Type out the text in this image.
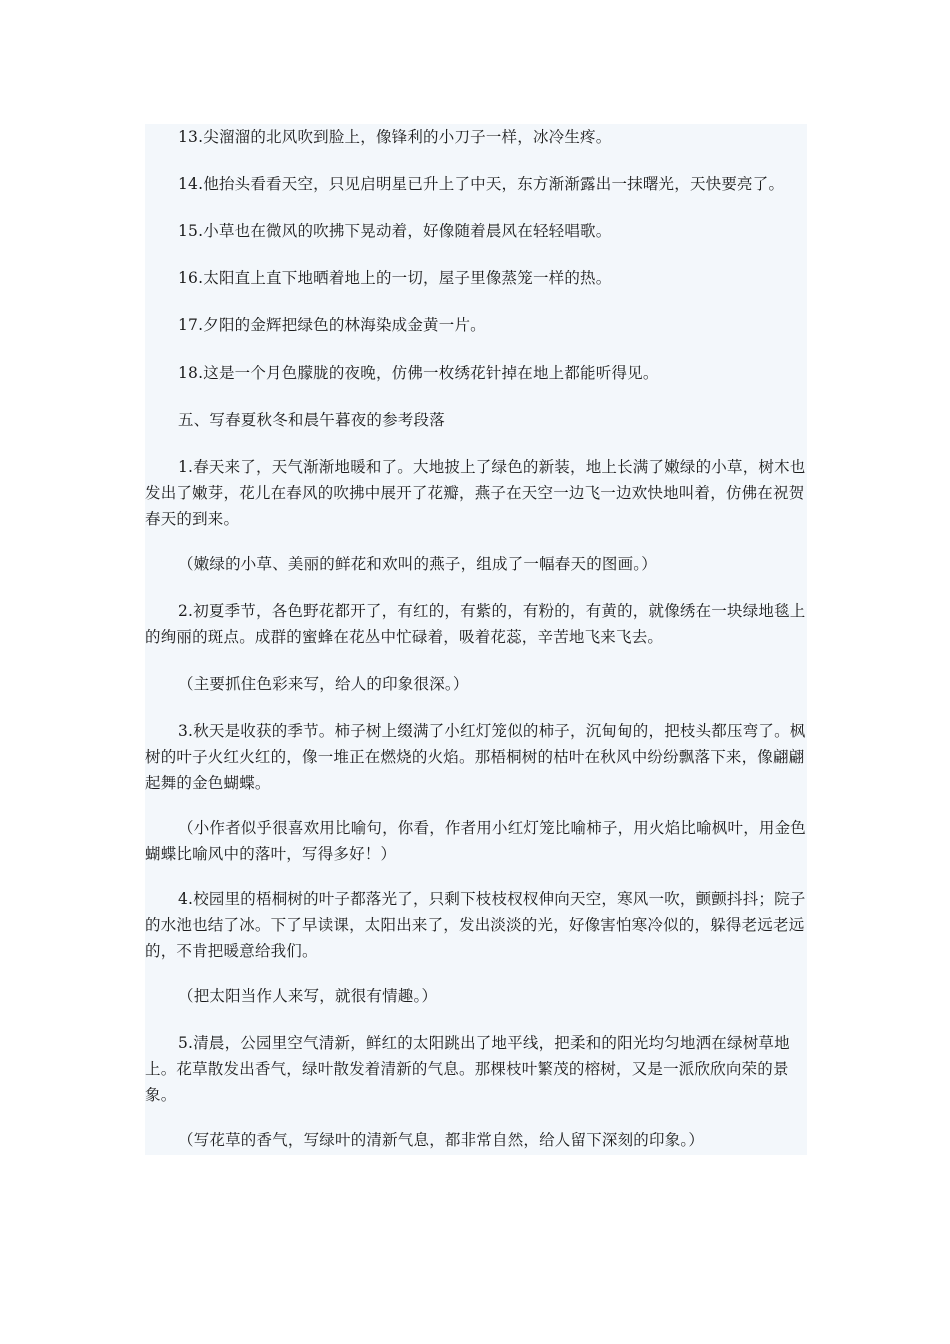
13.尖溜溜的北风吹到脸上，像锋利的小刀子一样，冰冷生疼。

14.他抬头看看天空，只见启明星已升上了中天，东方渐渐露出一抹曙光，天快要亮了。

15.小草也在微风的吹拂下晃动着，好像随着晨风在轻轻唱歌。

16.太阳直上直下地晒着地上的一切，屋子里像蒸笼一样的热。

17.夕阳的金辉把绿色的林海染成金黄一片。

18.这是一个月色朦胧的夜晚，仿佛一枚绣花针掉在地上都能听得见。

五、写春夏秋冬和晨午暮夜的参考段落

1.春天来了，天气渐渐地暖和了。大地披上了绿色的新装，地上长满了嫩绿的小草，树木也发出了嫩芽，花儿在春风的吹拂中展开了花瓣，燕子在天空一边飞一边欢快地叫着，仿佛在祝贺春天的到来。

（嫩绿的小草、美丽的鲜花和欢叫的燕子，组成了一幅春天的图画。）

2.初夏季节，各色野花都开了，有红的，有紫的，有粉的，有黄的，就像绣在一块绿地毯上的绚丽的斑点。成群的蜜蜂在花丛中忙碌着，吸着花蕊，辛苦地飞来飞去。

（主要抓住色彩来写，给人的印象很深。）

3.秋天是收获的季节。柿子树上缀满了小红灯笼似的柿子，沉甸甸的，把枝头都压弯了。枫树的叶子火红火红的，像一堆正在燃烧的火焰。那梧桐树的枯叶在秋风中纷纷飘落下来，像翩翩起舞的金色蝴蝶。

（小作者似乎很喜欢用比喻句，你看，作者用小红灯笼比喻柿子，用火焰比喻枫叶，用金色蝴蝶比喻风中的落叶，写得多好！）

4.校园里的梧桐树的叶子都落光了，只剩下枝枝杈杈伸向天空，寒风一吹，颤颤抖抖；院子的水池也结了冰。下了早读课，太阳出来了，发出淡淡的光，好像害怕寒冷似的，躲得老远老远的，不肯把暖意给我们。

（把太阳当作人来写，就很有情趣。）

5.清晨，公园里空气清新，鲜红的太阳跳出了地平线，把柔和的阳光均匀地洒在绿树草地上。花草散发出香气，绿叶散发着清新的气息。那棵枝叶繁茂的榕树，又是一派欣欣向荣的景象。

（写花草的香气，写绿叶的清新气息，都非常自然，给人留下深刻的印象。）
